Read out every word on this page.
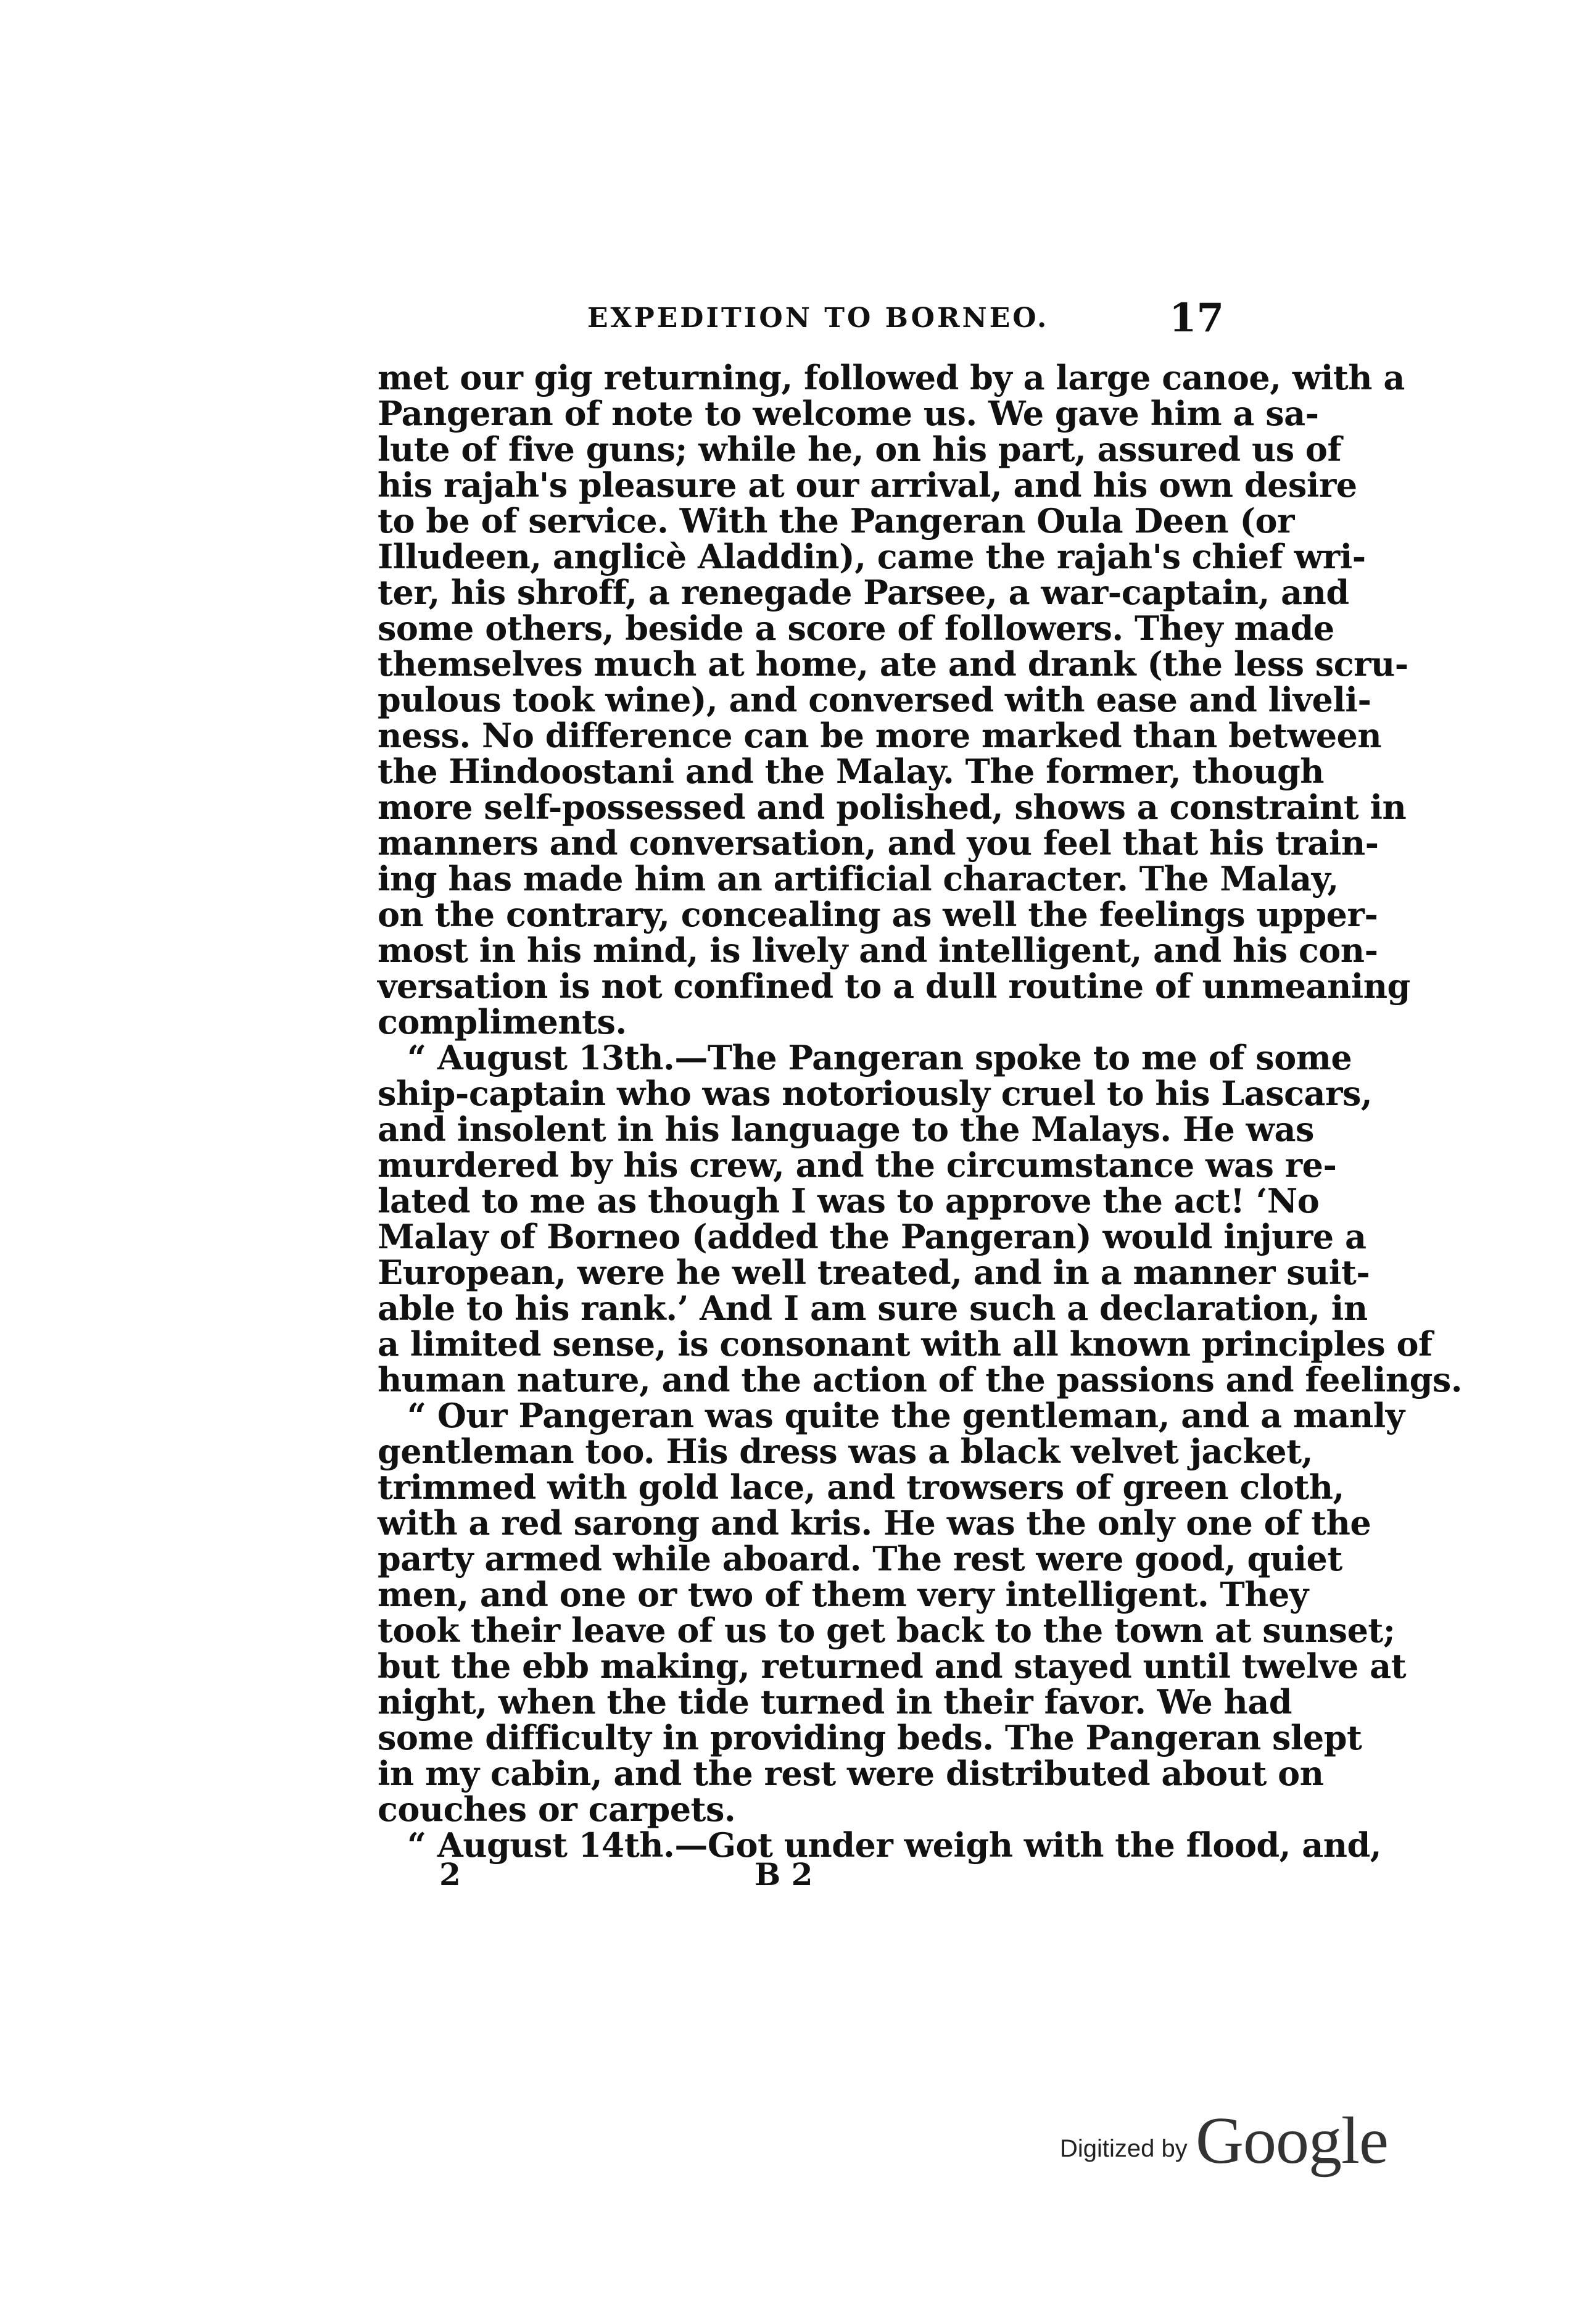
EXPEDITION TO BORNEO.	17
met our gig returning, followed by a large canoe, with a
Pangeran of note to welcome us. We gave him a sa-
lute of five guns; while he, on his part, assured us of
his rajah's pleasure at our arrival, and his own desire
to be of service. With the Pangeran Oula Deen (or
Illudeen, anglicè Aladdin), came the rajah's chief wri-
ter, his shroff, a renegade Parsee, a war-captain, and
some others, beside a score of followers. They made
themselves much at home, ate and drank (the less scru-
pulous took wine), and conversed with ease and liveli-
ness. No difference can be more marked than between
the Hindoostani and the Malay. The former, though
more self-possessed and polished, shows a constraint in
manners and conversation, and you feel that his train-
ing has made him an artificial character. The Malay,
on the contrary, concealing as well the feelings upper-
most in his mind, is lively and intelligent, and his con-
versation is not confined to a dull routine of unmeaning
compliments.
“ August 13th.—The Pangeran spoke to me of some
ship-captain who was notoriously cruel to his Lascars,
and insolent in his language to the Malays. He was
murdered by his crew, and the circumstance was re-
lated to me as though I was to approve the act! ‘No
Malay of Borneo (added the Pangeran) would injure a
European, were he well treated, and in a manner suit-
able to his rank.’ And I am sure such a declaration, in
a limited sense, is consonant with all known principles of
human nature, and the action of the passions and feelings.
“ Our Pangeran was quite the gentleman, and a manly
gentleman too. His dress was a black velvet jacket,
trimmed with gold lace, and trowsers of green cloth,
with a red sarong and kris. He was the only one of the
party armed while aboard. The rest were good, quiet
men, and one or two of them very intelligent. They
took their leave of us to get back to the town at sunset;
but the ebb making, returned and stayed until twelve at
night, when the tide turned in their favor. We had
some difficulty in providing beds. The Pangeran slept
in my cabin, and the rest were distributed about on
couches or carpets.
“ August 14th.—Got under weigh with the flood, and,
2	B 2
Digitized by Google
